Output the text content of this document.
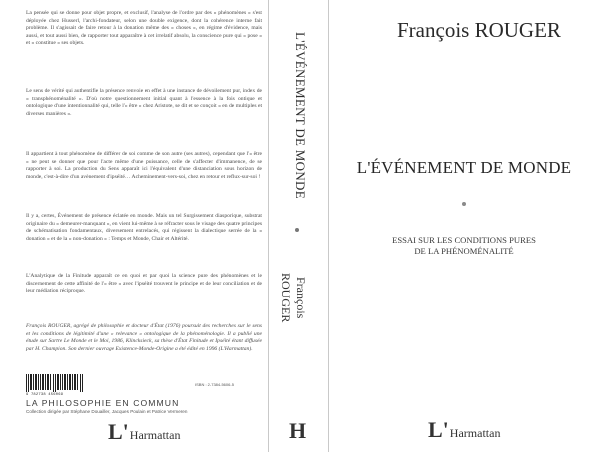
La pensée qui se donne pour objet propre, et exclusif, l'analyse de l'ordre par des « phénomènes » s'est déployée chez Husserl, l'archi-fondateur, selon une double exigence, dont la cohérence interne fait problème. Il s'agissait de faire retour à la donation même des « choses », en régime d'évidence, mais aussi, et tout aussi bien, de rapporter tout apparaître à cet irrelatif absolu, la conscience pure qui « pose » et « constitue » ses objets.

Le sens de vérité qui authentifie la présence renvoie en effet à une instance de dévoilement pur, index de « transphénoménalité ». D'où notre questionnement initial quant à l'essence à la fois ontique et ontologique d'une intentionnalité qui, telle l'« être » chez Aristote, se dit et se conçoit « en de multiples et diverses manières ».

Il appartient à tout phénomène de différer de soi comme de son autre (ses autres), cependant que l'« être » ne peut se donner que pour l'acte même d'une puissance, celle de s'affecter d'immanence, de se rapporter à soi. La production du Sens apparaît ici l'équivalent d'une distanciation sous horizon de monde, c'est-à-dire d'un avènement d'ipséité… Acheminement-vers-soi, chez en retour et reflux-sur-soi !

Il y a, certes, Événement de présence éclatée en monde. Mais un tel Surgissement diasporique, substrat originaire du « demeurer-manquant », en vient lui-même à se réfracter sous le visage des quatre principes de schématisation fondamentaux, diversement entrelacés, qui régissent la dialectique serrée de la « donation » et de la « non-donation » : Temps et Monde, Chair et Altérité.

L'Analytique de la Finitude apparaît ce en quoi et par quoi la science pure des phénomènes et le discernement de cette affinité de l'« être » avec l'ipséité trouvent le principe et de leur conciliation et de leur médiation réciproque.

François ROUGER, agrégé de philosophie et docteur d'État (1976) poursuit des recherches sur le sens et les conditions de légitimité d'une « relevance » ontologique de la phénoménologie. Il a publié une étude sur Sartre Le Monde et le Moi, 1986, Klincksieck, sa thèse d'État Finitude et Ipséité étant diffusée par H. Champion. Son dernier ouvrage Existence-Monde-Origine a été édité en 1996 (L'Harmattan).

9 782738 456069
ISBN : 2-7384-5606-5
LA PHILOSOPHIE EN COMMUN
Collection dirigée par Stéphane Douailler, Jacques Poulain et Patrice Vermeren
L' Harmattan
L'ÉVÉNEMENT DE MONDE
François ROUGER
H
François ROUGER
L'ÉVÉNEMENT DE MONDE
ESSAI SUR LES CONDITIONS PURES
DE LA PHÉNOMÉNALITÉ
L' Harmattan
